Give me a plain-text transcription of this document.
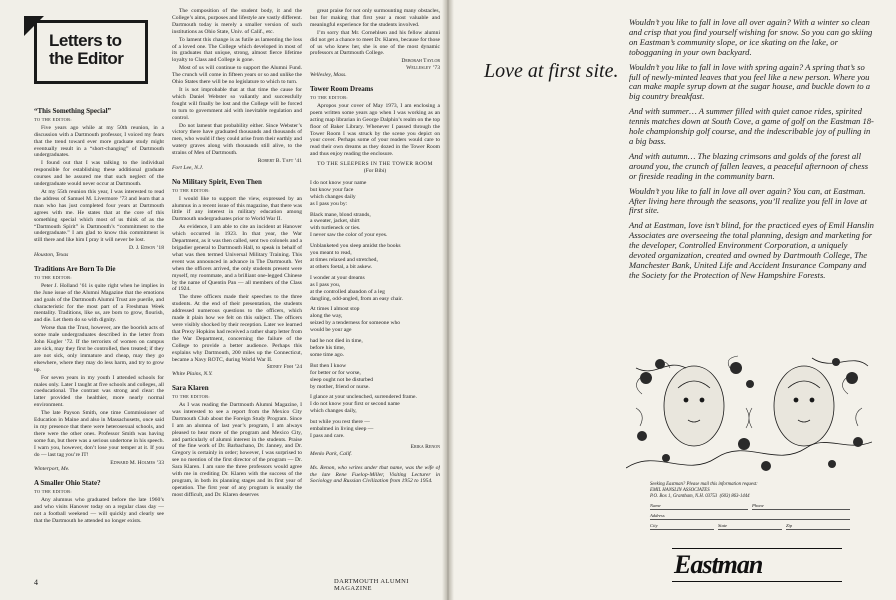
Letters to
the Editor
“This Something Special”

TO THE EDITOR:

Five years ago while at my 50th reunion, in a discussion with a Dartmouth professor, I voiced my fears that the trend toward ever more graduate study might eventually result in a “short-changing” of Dartmouth undergraduates.

I found out that I was talking to the individual responsible for establishing these additional graduate courses and he assured me that such neglect of the undergraduate would never occur at Dartmouth.

At my 55th reunion this year, I was interested to read the address of Samuel M. Livermore ’73 and learn that a man who has just completed four years at Dartmouth agrees with me. He states that at the core of this something special which most of us think of as the “Dartmouth Spirit” is Dartmouth’s “commitment to the undergraduate.” I am glad to know this commitment is still there and like him I pray it will never be lost.

D. J. Edson ’18

Houston, Texas

Traditions Are Born To Die

TO THE EDITOR:

Peter J. Holland ’61 is quite right when he implies in the June issue of the Alumni Magazine that the emotions and goals of the Dartmouth Alumni Trust are puerile, and characteristic for the most part of a Freshman Week mentality. Traditions, like us, are born to grow, flourish, and die. Let them do so with dignity.

Worse than the Trust, however, are the boorish acts of some male undergraduates described in the letter from John Kugler ’72. If the terrorists of women on campus are sick, may they first be controlled, then treated; if they are not sick, only immature and cheap, may they go elsewhere, where they may do less harm, and try to grow up.

For seven years in my youth I attended schools for males only. Later I taught at five schools and colleges, all coeducational. The contrast was strong and clear: the latter provided the healthier, more nearly normal environment.

The late Payson Smith, one time Commissioner of Education in Maine and also in Massachusetts, once said in my presence that there were heterosexual schools, and there were the other ones. Professor Smith was having some fun, but there was a serious undertone in his speech. I warn you, however, don’t lose your temper at it. If you do — last tag you’re IT!

Edward M. Holmes ’33

Winterport, Me.

A Smaller Ohio State?

TO THE EDITOR:

Any alumnus who graduated before the late 1960’s and who visits Hanover today on a regular class day — not a football weekend — will quickly and clearly see that the Dartmouth he attended no longer exists.

The composition of the student body, it and the College’s aims, purposes and lifestyle are vastly different. Dartmouth today is merely a smaller version of such institutions as Ohio State, Univ. of Calif., etc.

To lament this change is as futile as lamenting the loss of a loved one. The College which developed in most of its graduates that unique, strong, almost fierce lifetime loyalty to Class and College is gone.

Most of us will continue to support the Alumni Fund. The crunch will come in fifteen years or so and unlike the Ohio States there will be no legislature to which to turn.

It is not improbable that at that time the cause for which Daniel Webster so valiantly and successfully fought will finally be lost and the College will be forced to turn to government aid with inevitable regulation and control.

Do not lament that probability either. Since Webster’s victory there have graduated thousands and thousands of men, who would if they could arise from their earthly and watery graves along with thousands still alive, to the strains of Men of Dartmouth.

Robert B. Taft ’41

Fort Lee, N.J.

No Military Spirit, Even Then

TO THE EDITOR:

I would like to support the view, expressed by an alumnus in a recent issue of this magazine, that there was little if any interest in military education among Dartmouth undergraduates prior to World War II.

As evidence, I am able to cite an incident at Hanover which occurred in 1923. In that year, the War Department, as it was then called, sent two colonels and a brigadier general to Dartmouth Hall, to speak in behalf of what was then termed Universal Military Training. This event was announced in advance in The Dartmouth. Yet when the officers arrived, the only students present were myself, my roommate, and a brilliant one-legged Chinese by the name of Quentin Pan — all members of the Class of 1924.

The three officers made their speeches to the three students. At the end of their presentation, the students addressed numerous questions to the officers, which made it plain how we felt on this subject. The officers were visibly shocked by their reception. Later we learned that Prexy Hopkins had received a rather sharp letter from the War Department, concerning the failure of the College to provide a better audience. Perhaps this explains why Dartmouth, 200 miles up the Connecticut, became a Navy ROTC, during World War II.

Sidney Fish ’24

White Plains, N.Y.

Sara Klaren

TO THE EDITOR:

As I was reading the Dartmouth Alumni Magazine, I was interested to see a report from the Mexico City Dartmouth Club about the Foreign Study Program. Since I am an alumna of last year’s program, I am always pleased to hear more of the program and Mexico City, and particularly of alumni interest in the students. Praise of the fine work of Dr. Barbachano, Dr. Janney, and Dr. Gregory is certainly in order; however, I was surprised to see no mention of the first director of the program — Dr. Sara Klaren. I am sure the three professors would agree with me in crediting Dr. Klaren with the success of the program, in both its planning stages and its first year of operation. The first year of any program is usually the most difficult, and Dr. Klaren deserves

great praise for not only surmounting many obstacles, but for making that first year a most valuable and meaningful experience for the students involved.

I’m sorry that Mr. Cornehlsen and his fellow alumni did not get a chance to meet Dr. Klaren, because for those of us who knew her, she is one of the most dynamic professors at Dartmouth College.

Deborah Taylor

Wellesley ’73

Wellesley, Mass.

Tower Room Dreams

TO THE EDITOR:

Apropos your cover of May 1973, I am enclosing a poem written some years ago when I was working as an acting map librarian in George Dalphin’s realm on the top floor of Baker Library. Whenever I passed through the Tower Room I was struck by the scene you depict on your cover. Perhaps some of your readers would care to read their own dreams as they dozed in the Tower Room and thus enjoy reading the enclosure.

TO THE SLEEPERS IN THE TOWER ROOM

(For Bibi)

I do not know your name
but know your face
which changes daily
as I pass you by:

Black mane, blond strands,
a sweater, jacket, shirt
with turtleneck or ties.
I never saw the color of your eyes.

Unblanketed you sleep amidst the books
you meant to read,
at times relaxed and stretched,
at others foetal, a bit askew.

I wonder at your dreams
as I pass you,
at the controlled abandon of a leg
dangling, odd-angled, from an easy chair.

At times I almost stop
along the way,
seized by a tenderness for someone who
would be your age

had he not died in time,
before his time,
some time ago.

But then I know
for better or for worse,
sleep ought not be disturbed
by mother, friend or nurse.

I glance at your unclenched, surrendered frame.
I do not know your first or second name
which changes daily,

but while you rest there —
embalmed in living sleep —
I pass and care.

Erika Renon

Menlo Park, Calif.

Ms. Renon, who writes under that name, was the wife of the late Rene Fuelop-Miller, Visiting Lecturer in Sociology and Russian Civilization from 1952 to 1954.

4	DARTMOUTH ALUMNI MAGAZINE
Love at first site.

Wouldn’t you like to fall in love all over again? With a winter so clean and crisp that you find yourself wishing for snow. So you can go skiing on Eastman’s community slope, or ice skating on the lake, or tobogganing in your own backyard.

Wouldn’t you like to fall in love with spring again? A spring that’s so full of newly-minted leaves that you feel like a new person. Where you can make maple syrup down at the sugar house, and buckle down to a big country breakfast.

And with summer… A summer filled with quiet canoe rides, spirited tennis matches down at South Cove, a game of golf on the Eastman 18-hole championship golf course, and the indescribable joy of pulling in a big bass.

And with autumn… The blazing crimsons and golds of the forest all around you, the crunch of fallen leaves, a peaceful afternoon of chess or fireside reading in the community barn.

Wouldn’t you like to fall in love all over again? You can, at Eastman. After living here through the seasons, you’ll realize you fell in love at first site.

And at Eastman, love isn’t blind, for the practiced eyes of Emil Hanslin Associates are overseeing the total planning, design and marketing for the developer, Controlled Environment Corporation, a uniquely devoted organization, created and owned by Dartmouth College, The Manchester Bank, United Life and Accident Insurance Company and the Society for the Protection of New Hampshire Forests.

Seeking Eastman? Please mail this information request:
EMIL HANSLIN ASSOCIATES
P.O. Box 1, Grantham, N.H. 03753  (603) 863-1444
Name	Phone
Address
City	State	Zip
Eastman
